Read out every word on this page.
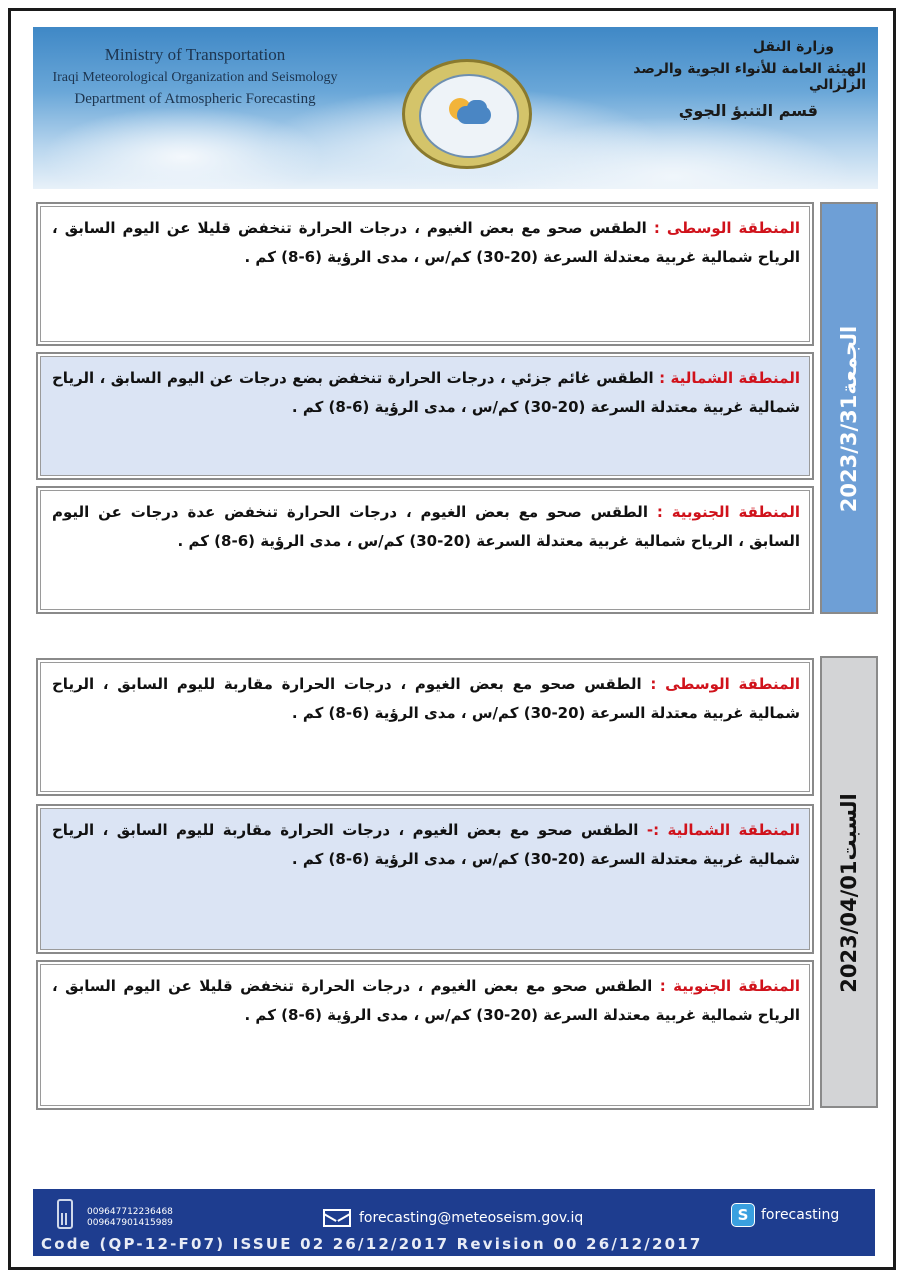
Ministry of Transportation
Iraqi Meteorological Organization and Seismology
Department of Atmospheric Forecasting
وزارة النقل
الهيئة العامة للأنواء الجوية والرصد الزلزالي
قسم التنبؤ الجوي

المنطقة الوسطى : الطقس صحو مع بعض الغيوم ، درجات الحرارة تنخفض قليلا عن اليوم السابق ، الرياح شمالية غربية معتدلة السرعة (20-30) كم/س ، مدى الرؤية (6-8) كم .

المنطقة الشمالية : الطقس غائم جزئي ، درجات الحرارة تنخفض بضع درجات عن اليوم السابق ، الرياح شمالية غربية معتدلة السرعة (20-30) كم/س ، مدى الرؤية (6-8) كم .

المنطقة الجنوبية : الطقس صحو مع بعض الغيوم ، درجات الحرارة تنخفض عدة درجات عن اليوم السابق ، الرياح شمالية غربية معتدلة السرعة (20-30) كم/س ، مدى الرؤية (6-8) كم .

2023/3/31الجمعة

المنطقة الوسطى : الطقس صحو مع بعض الغيوم ، درجات الحرارة مقاربة لليوم السابق ، الرياح شمالية غربية معتدلة السرعة (20-30) كم/س ، مدى الرؤية (6-8) كم .

المنطقة الشمالية :- الطقس صحو مع بعض الغيوم ، درجات الحرارة مقاربة لليوم السابق ، الرياح شمالية غربية معتدلة السرعة (20-30) كم/س ، مدى الرؤية (6-8) كم .

المنطقة الجنوبية : الطقس صحو مع بعض الغيوم ، درجات الحرارة تنخفض قليلا عن اليوم السابق ، الرياح شمالية غربية معتدلة السرعة (20-30) كم/س ، مدى الرؤية (6-8) كم .

2023/04/01السبت
009647712236468
009647901415989	forecasting@meteoseism.gov.iq	S forecasting
Code (QP-12-F07) ISSUE 02 26/12/2017 Revision 00 26/12/2017
